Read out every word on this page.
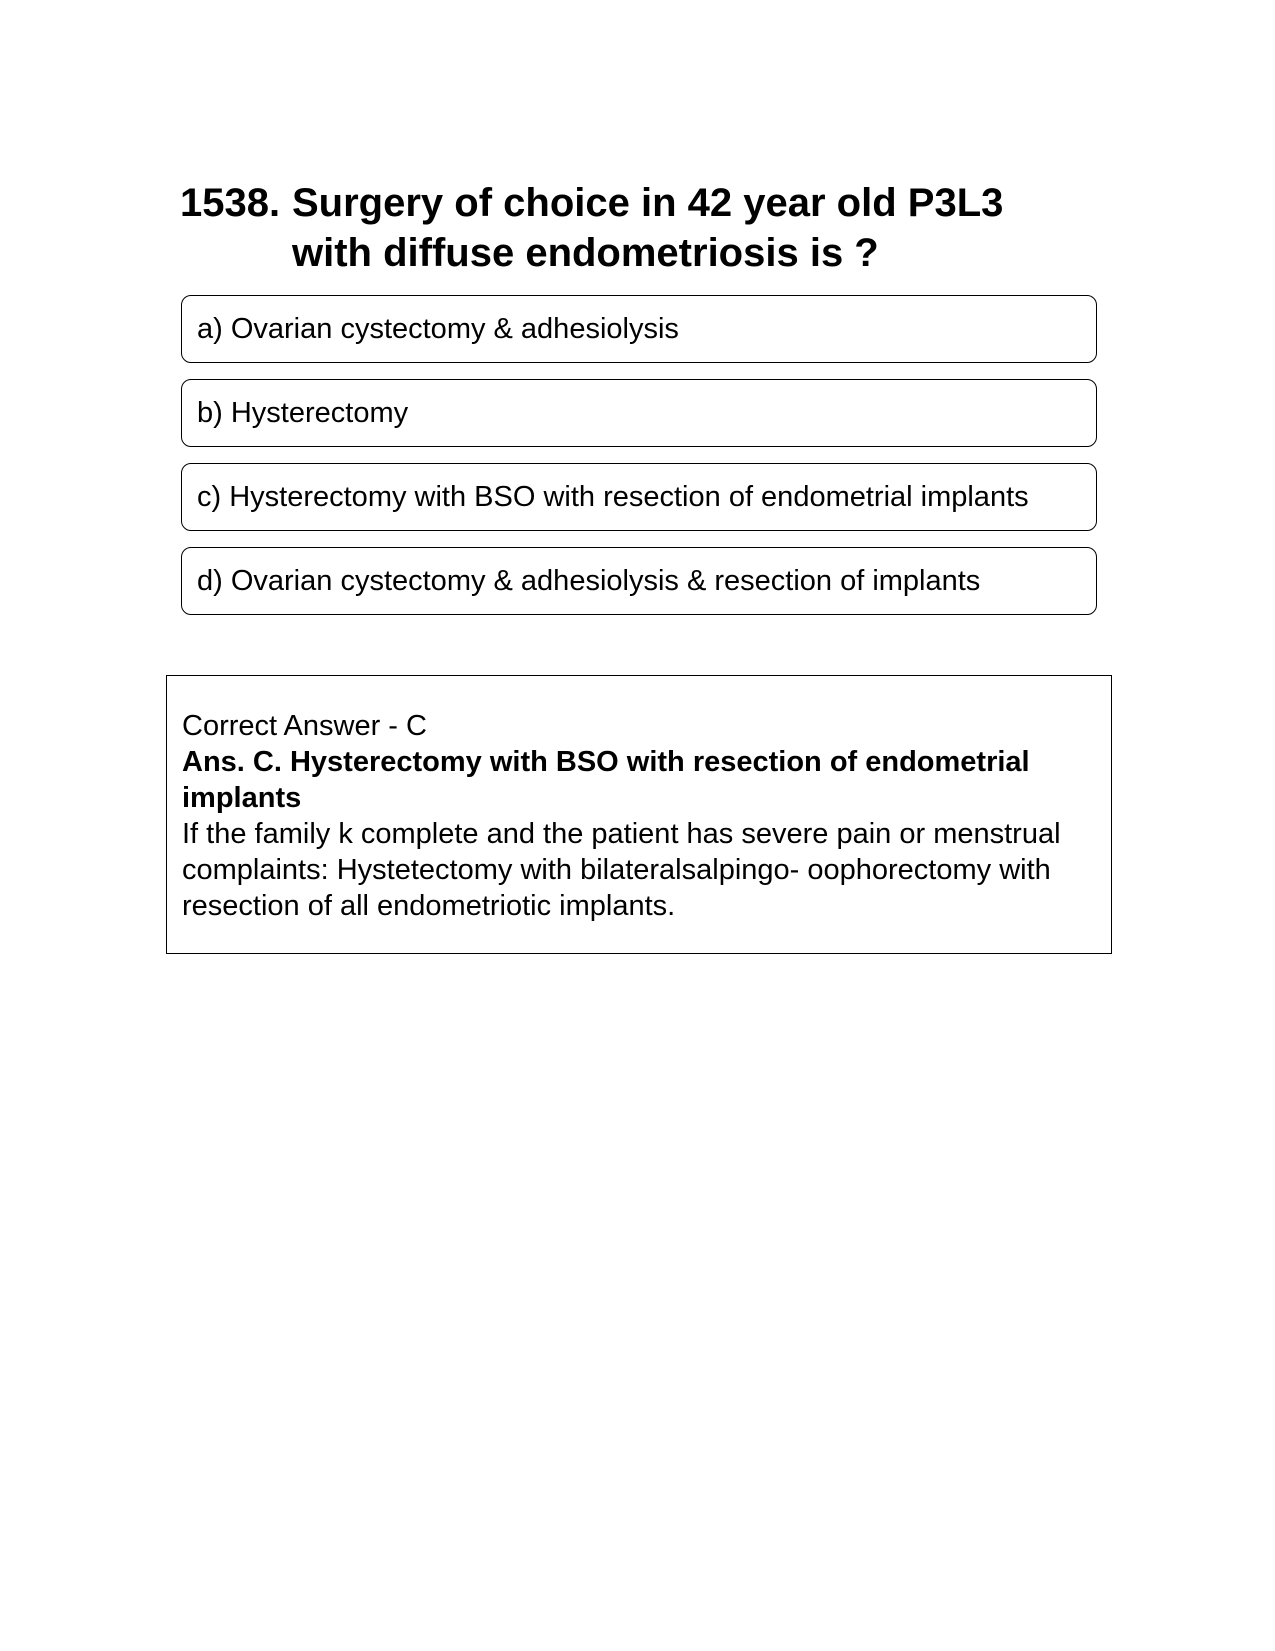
1538. Surgery of choice in 42 year old P3L3 with diffuse endometriosis is ?
a) Ovarian cystectomy & adhesiolysis
b) Hysterectomy
c) Hysterectomy with BSO with resection of endometrial implants
d) Ovarian cystectomy & adhesiolysis & resection of implants
Correct Answer - C
Ans. C. Hysterectomy with BSO with resection of endometrial implants
If the family k complete and the patient has severe pain or menstrual complaints: Hystetectomy with bilateralsalpingo- oophorectomy with resection of all endometriotic implants.
